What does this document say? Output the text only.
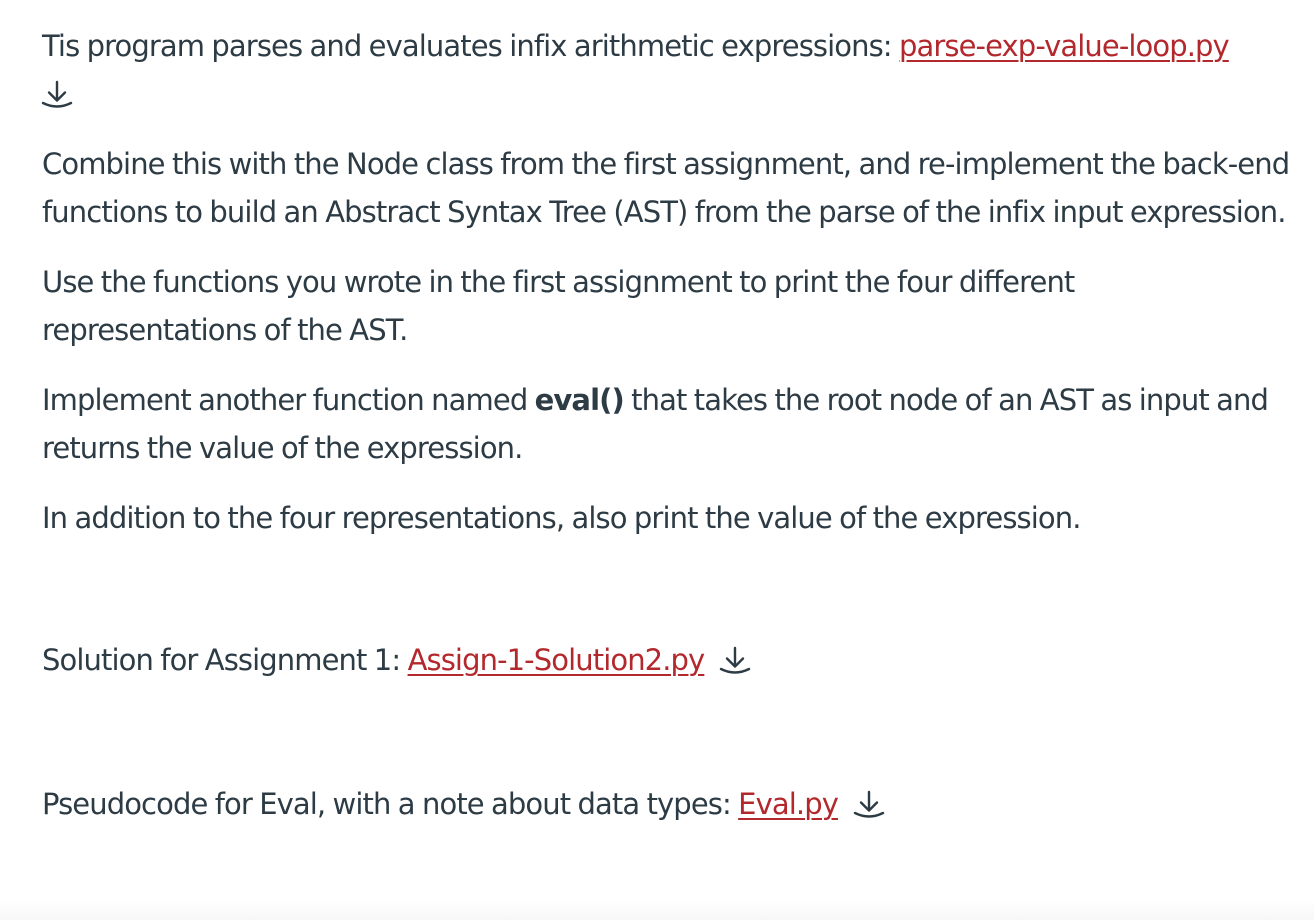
Tis program parses and evaluates infix arithmetic expressions: parse-exp-value-loop.py

Combine this with the Node class from the first assignment, and re-implement the back-end functions to build an Abstract Syntax Tree (AST) from the parse of the infix input expression.

Use the functions you wrote in the first assignment to print the four different representations of the AST.

Implement another function named eval() that takes the root node of an AST as input and returns the value of the expression.

In addition to the four representations, also print the value of the expression.

Solution for Assignment 1: Assign-1-Solution2.py

Pseudocode for Eval, with a note about data types: Eval.py
